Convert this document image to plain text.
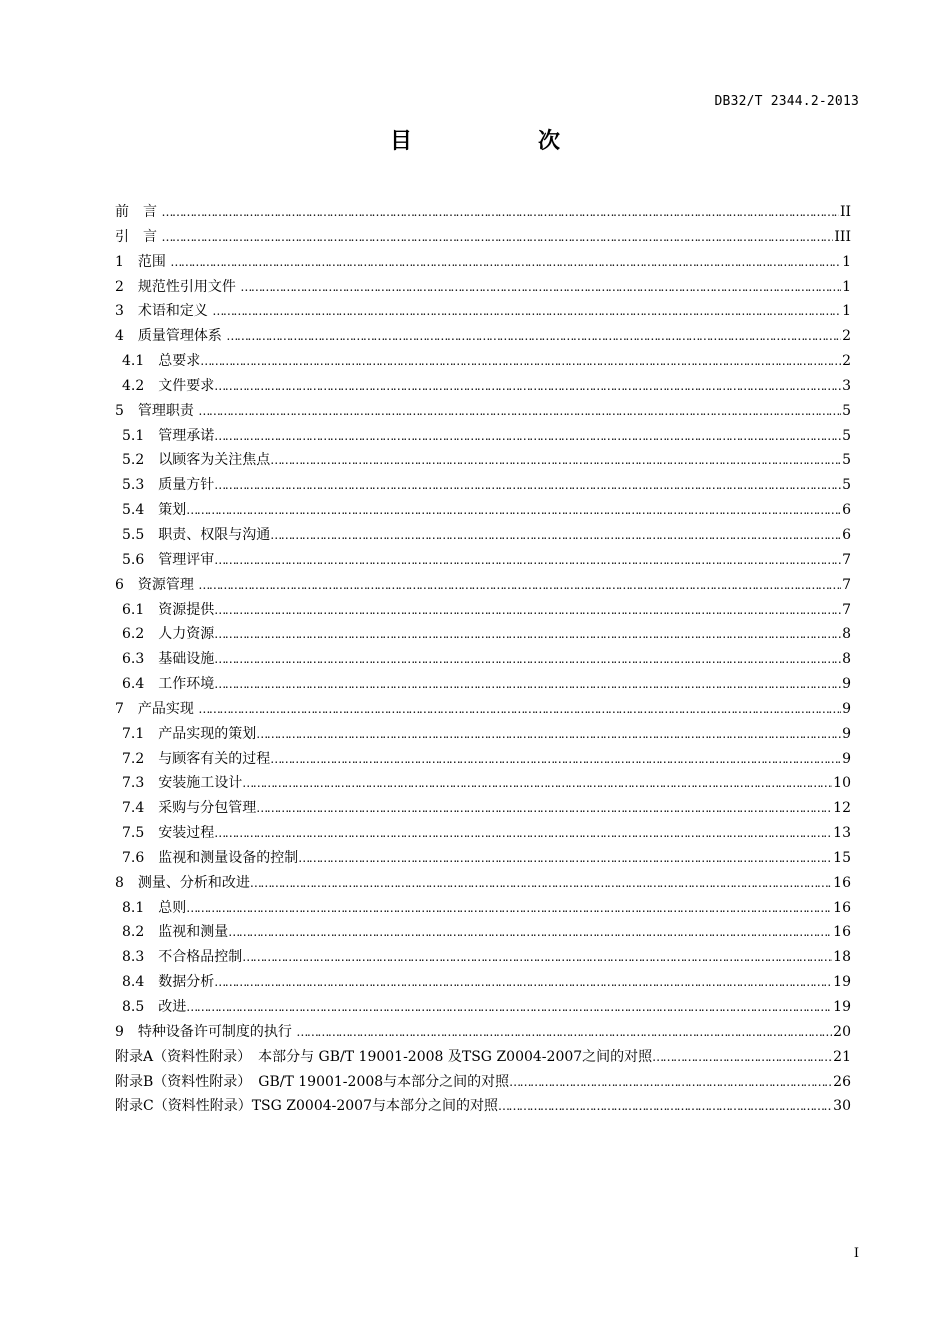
DB32/T 2344.2-2013
目　次
前　言 …………………………………………………………………………………………………………………………………………………………………………………………………………………………………………	II
引　言 …………………………………………………………………………………………………………………………………………………………………………………………………………………………………………	III
1　范围 …………………………………………………………………………………………………………………………………………………………………………………………………………………………………………	1
2　规范性引用文件 …………………………………………………………………………………………………………………………………………………………………………………………………………………………………………	1
3　术语和定义 …………………………………………………………………………………………………………………………………………………………………………………………………………………………………………	1
4　质量管理体系 …………………………………………………………………………………………………………………………………………………………………………………………………………………………………………	2
4.1　总要求 …………………………………………………………………………………………………………………………………………………………………………………………………………………………………………	2
4.2　文件要求 …………………………………………………………………………………………………………………………………………………………………………………………………………………………………………	3
5　管理职责 …………………………………………………………………………………………………………………………………………………………………………………………………………………………………………	5
5.1　管理承诺 …………………………………………………………………………………………………………………………………………………………………………………………………………………………………………	5
5.2　以顾客为关注焦点 …………………………………………………………………………………………………………………………………………………………………………………………………………………………………………	5
5.3　质量方针 …………………………………………………………………………………………………………………………………………………………………………………………………………………………………………	5
5.4　策划 …………………………………………………………………………………………………………………………………………………………………………………………………………………………………………	6
5.5　职责、权限与沟通 …………………………………………………………………………………………………………………………………………………………………………………………………………………………………………	6
5.6　管理评审 …………………………………………………………………………………………………………………………………………………………………………………………………………………………………………	7
6　资源管理 …………………………………………………………………………………………………………………………………………………………………………………………………………………………………………	7
6.1　资源提供 …………………………………………………………………………………………………………………………………………………………………………………………………………………………………………	7
6.2　人力资源 …………………………………………………………………………………………………………………………………………………………………………………………………………………………………………	8
6.3　基础设施 …………………………………………………………………………………………………………………………………………………………………………………………………………………………………………	8
6.4　工作环境 …………………………………………………………………………………………………………………………………………………………………………………………………………………………………………	9
7　产品实现 …………………………………………………………………………………………………………………………………………………………………………………………………………………………………………	9
7.1　产品实现的策划 …………………………………………………………………………………………………………………………………………………………………………………………………………………………………………	9
7.2　与顾客有关的过程 …………………………………………………………………………………………………………………………………………………………………………………………………………………………………………	9
7.3　安装施工设计 …………………………………………………………………………………………………………………………………………………………………………………………………………………………………………	10
7.4　采购与分包管理 …………………………………………………………………………………………………………………………………………………………………………………………………………………………………………	12
7.5　安装过程 …………………………………………………………………………………………………………………………………………………………………………………………………………………………………………	13
7.6　监视和测量设备的控制 …………………………………………………………………………………………………………………………………………………………………………………………………………………………………………	15
8　测量、分析和改进 …………………………………………………………………………………………………………………………………………………………………………………………………………………………………………	16
8.1　总则 …………………………………………………………………………………………………………………………………………………………………………………………………………………………………………	16
8.2　监视和测量 …………………………………………………………………………………………………………………………………………………………………………………………………………………………………………	16
8.3　不合格品控制 …………………………………………………………………………………………………………………………………………………………………………………………………………………………………………	18
8.4　数据分析 …………………………………………………………………………………………………………………………………………………………………………………………………………………………………………	19
8.5　改进 …………………………………………………………………………………………………………………………………………………………………………………………………………………………………………	19
9　特种设备许可制度的执行 …………………………………………………………………………………………………………………………………………………………………………………………………………………………………………	20
附录A（资料性附录）　本部分与 GB/T 19001-2008 及TSG Z0004-2007之间的对照 …………………………………………………………………………………………………………………………………………………………………………………………………………………………………………	21
附录B（资料性附录）　GB/T 19001-2008与本部分之间的对照 …………………………………………………………………………………………………………………………………………………………………………………………………………………………………………	26
附录C（资料性附录）TSG Z0004-2007与本部分之间的对照 …………………………………………………………………………………………………………………………………………………………………………………………………………………………………………	30
I
